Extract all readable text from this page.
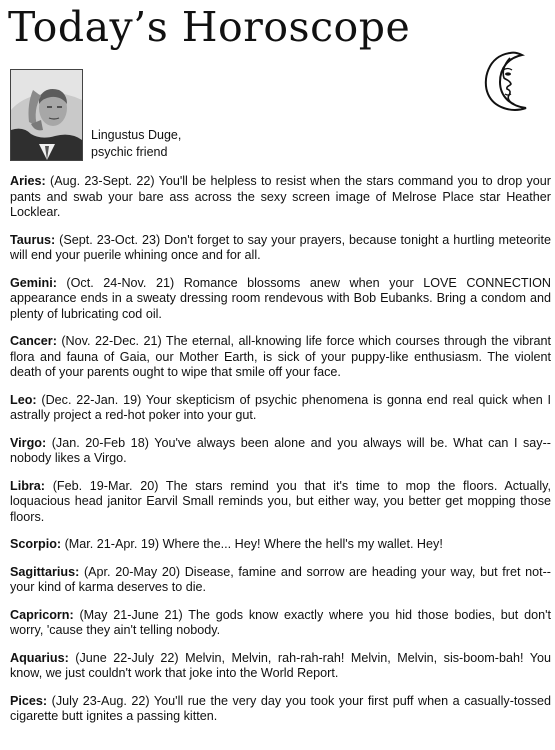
Today’s Horoscope
Lingustus Duge,
psychic friend

Aries: (Aug. 23-Sept. 22) You'll be helpless to resist when the stars command you to drop your pants and swab your bare ass across the sexy screen image of Melrose Place star Heather Locklear.

Taurus: (Sept. 23-Oct. 23) Don't forget to say your prayers, because tonight a hurtling meteorite will end your puerile whining once and for all.

Gemini: (Oct. 24-Nov. 21) Romance blossoms anew when your LOVE CONNECTION appearance ends in a sweaty dressing room rendevous with Bob Eubanks. Bring a condom and plenty of lubricating cod oil.

Cancer: (Nov. 22-Dec. 21) The eternal, all-knowing life force which courses through the vibrant flora and fauna of Gaia, our Mother Earth, is sick of your puppy-like enthusiasm. The violent death of your parents ought to wipe that smile off your face.

Leo: (Dec. 22-Jan. 19) Your skepticism of psychic phenomena is gonna end real quick when I astrally project a red-hot poker into your gut.

Virgo: (Jan. 20-Feb 18) You've always been alone and you always will be. What can I say--nobody likes a Virgo.

Libra: (Feb. 19-Mar. 20) The stars remind you that it's time to mop the floors. Actually, loquacious head janitor Earvil Small reminds you, but either way, you better get mopping those floors.

Scorpio: (Mar. 21-Apr. 19) Where the... Hey! Where the hell's my wallet. Hey!

Sagittarius: (Apr. 20-May 20) Disease, famine and sorrow are heading your way, but fret not--your kind of karma deserves to die.

Capricorn: (May 21-June 21) The gods know exactly where you hid those bodies, but don't worry, 'cause they ain't telling nobody.

Aquarius: (June 22-July 22) Melvin, Melvin, rah-rah-rah! Melvin, Melvin, sis-boom-bah! You know, we just couldn't work that joke into the World Report.

Pices: (July 23-Aug. 22) You'll rue the very day you took your first puff when a casually-tossed cigarette butt ignites a passing kitten.
